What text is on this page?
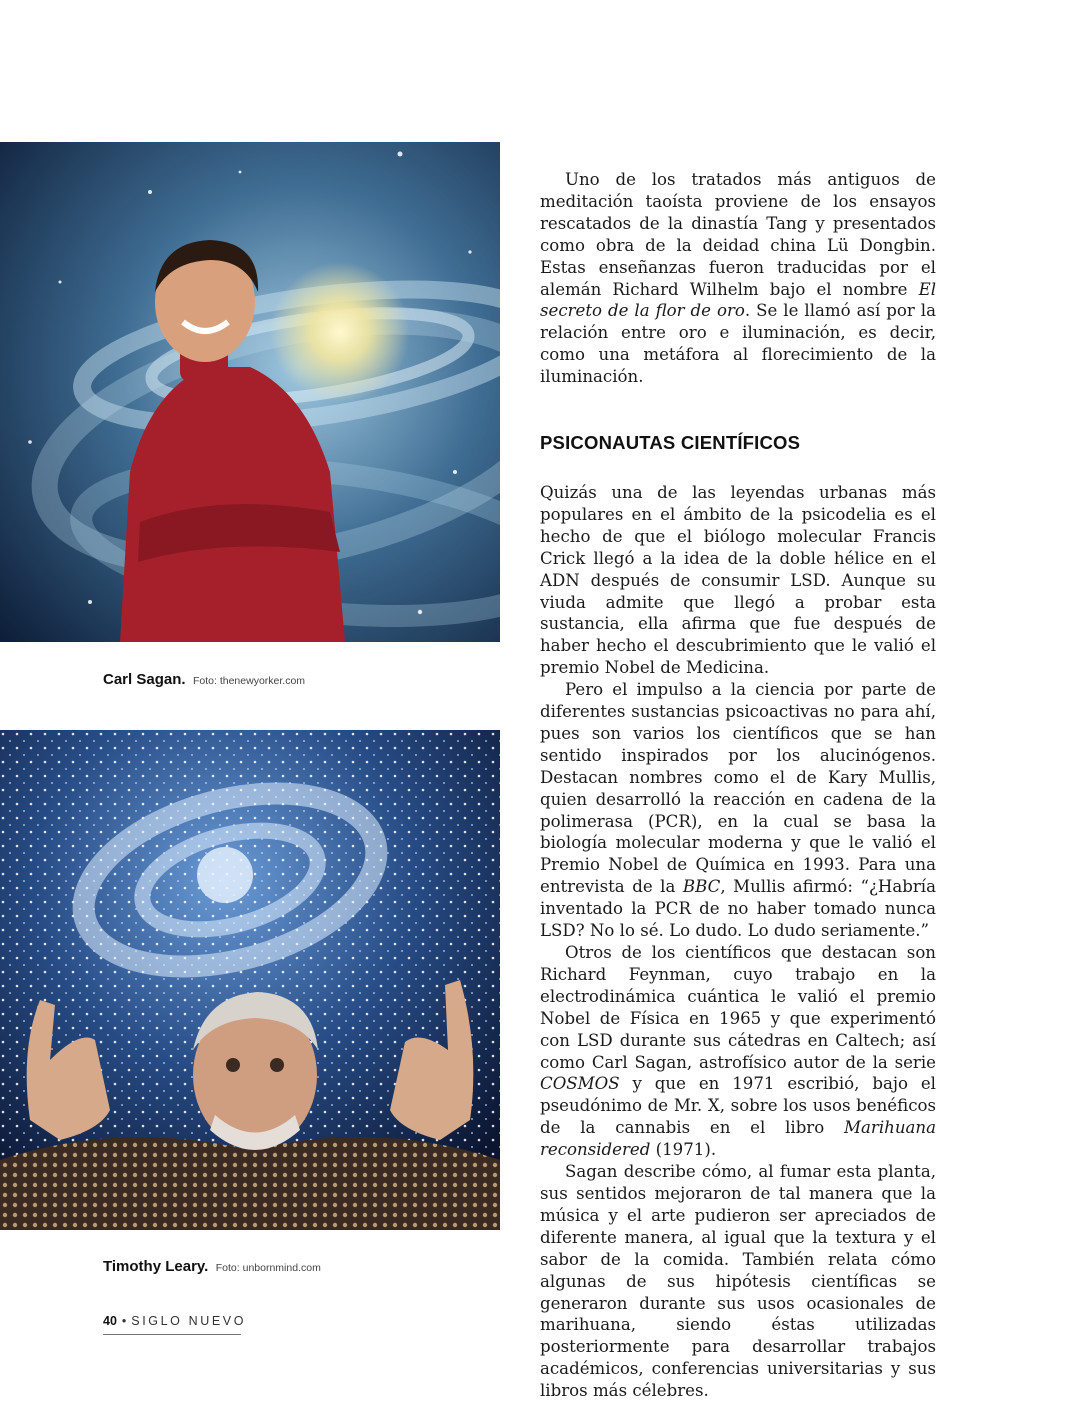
Carl Sagan. Foto: thenewyorker.com
Timothy Leary. Foto: unbornmind.com

Uno de los tratados más antiguos de meditación taoísta proviene de los ensayos rescatados de la dinastía Tang y presentados como obra de la deidad china Lü Dongbin. Estas enseñanzas fueron traducidas por el alemán Richard Wilhelm bajo el nombre El secreto de la flor de oro. Se le llamó así por la relación entre oro e iluminación, es decir, como una metáfora al florecimiento de la iluminación.

PSICONAUTAS CIENTÍFICOS

Quizás una de las leyendas urbanas más populares en el ámbito de la psicodelia es el hecho de que el biólogo molecular Francis Crick llegó a la idea de la doble hélice en el ADN después de consumir LSD. Aunque su viuda admite que llegó a probar esta sustancia, ella afirma que fue después de haber hecho el descubrimiento que le valió el premio Nobel de Medicina.

Pero el impulso a la ciencia por parte de diferentes sustancias psicoactivas no para ahí, pues son varios los científicos que se han sentido inspirados por los alucinógenos. Destacan nombres como el de Kary Mullis, quien desarrolló la reacción en cadena de la polimerasa (PCR), en la cual se basa la biología molecular moderna y que le valió el Premio Nobel de Química en 1993. Para una entrevista de la BBC, Mullis afirmó: “¿Habría inventado la PCR de no haber tomado nunca LSD? No lo sé. Lo dudo. Lo dudo seriamente.”

Otros de los científicos que destacan son Richard Feynman, cuyo trabajo en la electrodinámica cuántica le valió el premio Nobel de Física en 1965 y que experimentó con LSD durante sus cátedras en Caltech; así como Carl Sagan, astrofísico autor de la serie COSMOS y que en 1971 escribió, bajo el pseudónimo de Mr. X, sobre los usos benéficos de la cannabis en el libro Marihuana reconsidered (1971).

Sagan describe cómo, al fumar esta planta, sus sentidos mejoraron de tal manera que la música y el arte pudieron ser apreciados de diferente manera, al igual que la textura y el sabor de la comida. También relata cómo algunas de sus hipótesis científicas se generaron durante sus usos ocasionales de marihuana, siendo éstas utilizadas posteriormente para desarrollar trabajos académicos, conferencias universitarias y sus libros más célebres.

40 • SIGLO NUEVO
